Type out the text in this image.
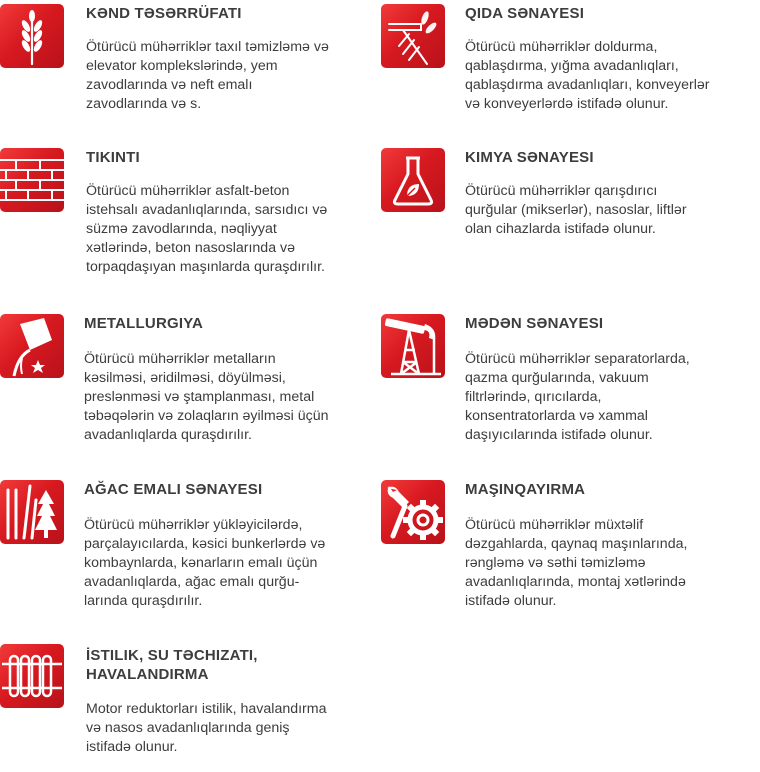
KƏND TƏSƏRRÜFATI
Ötürücü mühərriklər taxıl təmizləmə və
elevator komplekslərində, yem
zavodlarında və neft emalı
zavodlarında və s.
QIDA SƏNAYESI
Ötürücü mühərriklər doldurma,
qablaşdırma, yığma avadanlıqları,
qablaşdırma avadanlıqları, konveyerlər
və konveyerlərdə istifadə olunur.
TIKINTI
Ötürücü mühərriklər asfalt-beton
istehsalı avadanlıqlarında, sarsıdıcı və
süzmə zavodlarında, nəqliyyat
xətlərində, beton nasoslarında və
torpaqdaşıyan maşınlarda quraşdırılır.
KIMYA SƏNAYESI
Ötürücü mühərriklər qarışdırıcı
qurğular (mikserlər), nasoslar, liftlər
olan cihazlarda istifadə olunur.
METALLURGIYA
Ötürücü mühərriklər metalların
kəsilməsi, əridilməsi, döyülməsi,
preslənməsi və ştamplanması, metal
təbəqələrin və zolaqların əyilməsi üçün
avadanlıqlarda quraşdırılır.
MƏDƏN SƏNAYESI
Ötürücü mühərriklər separatorlarda,
qazma qurğularında, vakuum
filtrlərində, qırıcılarda,
konsentratorlarda və xammal
daşıyıcılarında istifadə olunur.
AĞAC EMALI SƏNAYESI
Ötürücü mühərriklər yükləyicilərdə,
parçalayıcılarda, kəsici bunkerlərdə və
kombaynlarda, kənarların emalı üçün
avadanlıqlarda, ağac emalı qurğu-
larında quraşdırılır.
MAŞINQAYIRMA
Ötürücü mühərriklər müxtəlif
dəzgahlarda, qaynaq maşınlarında,
rəngləmə və səthi təmizləmə
avadanlıqlarında, montaj xətlərində
istifadə olunur.
İSTILIK, SU TƏCHIZATI,
HAVALANDIRMA
Motor reduktorları istilik, havalandırma
və nasos avadanlıqlarında geniş
istifadə olunur.
